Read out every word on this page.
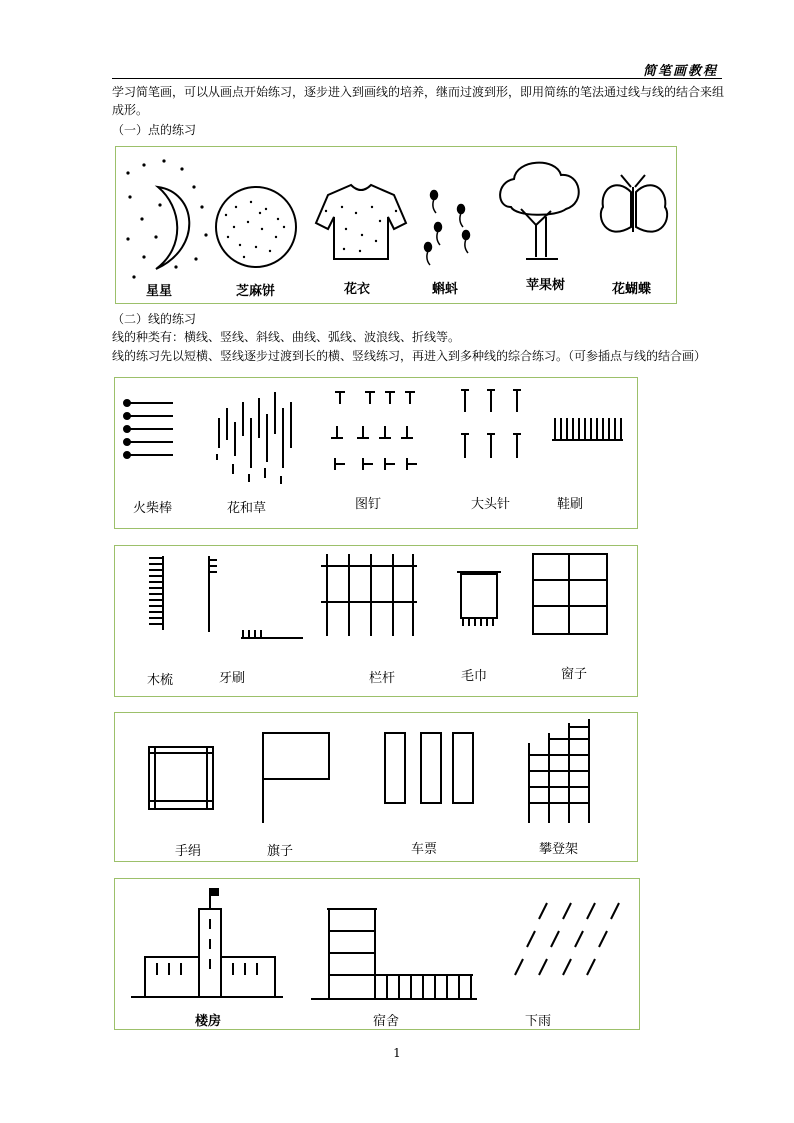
简笔画教程
学习简笔画，可以从画点开始练习，逐步进入到画线的培养，继而过渡到形，即用简练的笔法通过线与线的结合来组成形。
（一）点的练习
星星	芝麻饼	花衣	蝌蚪	苹果树	花蝴蝶
（二）线的练习
线的种类有：横线、竖线、斜线、曲线、弧线、波浪线、折线等。
线的练习先以短横、竖线逐步过渡到长的横、竖线练习，再进入到多种线的综合练习。（可参插点与线的结合画）
火柴棒	花和草	图钉	大头针	鞋刷
木梳	牙刷	栏杆	毛巾	窗子
手绢	旗子	车票	攀登架
楼房	宿舍	下雨
1
